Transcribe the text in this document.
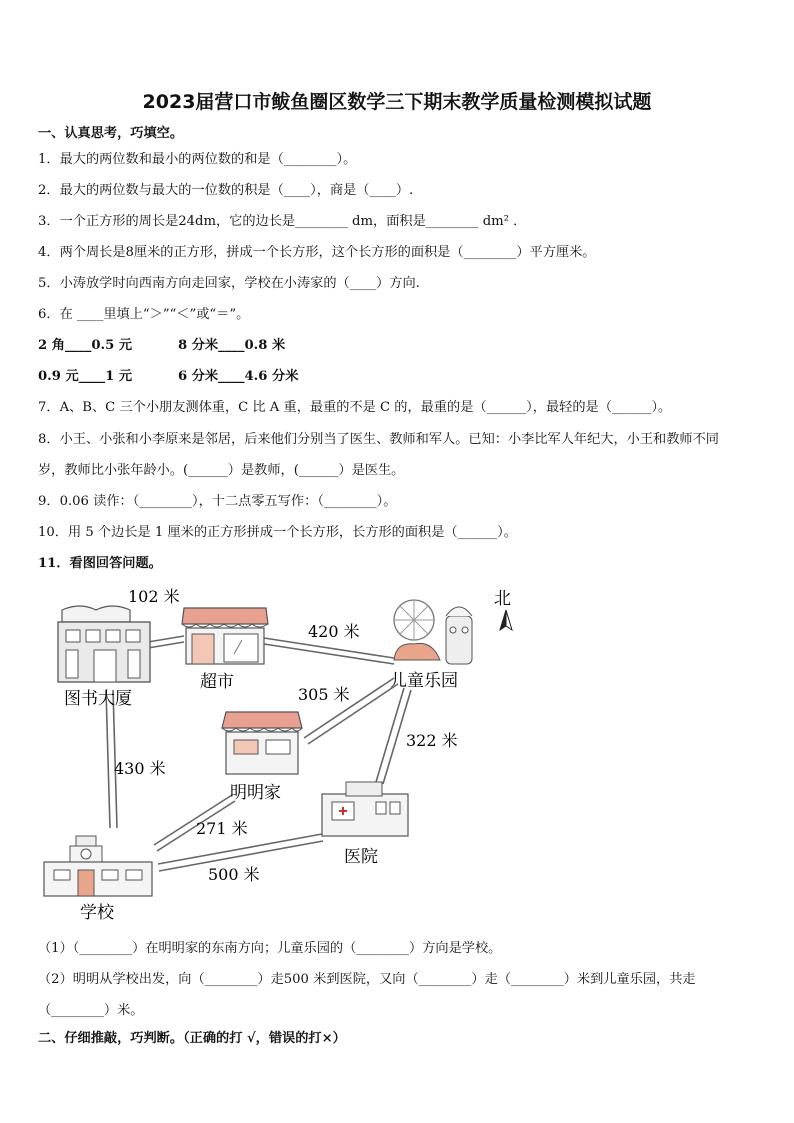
2023届营口市鲅鱼圈区数学三下期末教学质量检测模拟试题
一、认真思考，巧填空。
1．最大的两位数和最小的两位数的和是（________）。
2．最大的两位数与最大的一位数的积是（____），商是（____）.
3．一个正方形的周长是24dm，它的边长是________ dm，面积是________ dm² ．
4．两个周长是8厘米的正方形，拼成一个长方形，这个长方形的面积是（________）平方厘米。
5．小涛放学时向西南方向走回家，学校在小涛家的（____）方向.
6．在 ____里填上“＞”“＜”或“＝”。
2 角____0.5 元          8 分米____0.8 米
0.9 元____1 元          6 分米____4.6 分米
7．A、B、C 三个小朋友测体重，C 比 A 重，最重的不是 C 的，最重的是（______），最轻的是（______）。
8．小王、小张和小李原来是邻居，后来他们分别当了医生、教师和军人。已知：小李比军人年纪大，小王和教师不同
岁，教师比小张年龄小。(______）是教师，(______）是医生。
9．0.06 读作：（________），十二点零五写作：（________）。
10．用 5 个边长是 1 厘米的正方形拼成一个长方形，长方形的面积是（______）。
11．看图回答问题。
图书大厦
102 米
超市
420 米
儿童乐园
北
明明家
305 米
430 米
322 米
医院
学校
271 米
500 米
（1）（________）在明明家的东南方向；儿童乐园的（________）方向是学校。
（2）明明从学校出发，向（________）走500 米到医院，又向（________）走（________）米到儿童乐园，共走
（________）米。
二、仔细推敲，巧判断。（正确的打 √，错误的打×）
